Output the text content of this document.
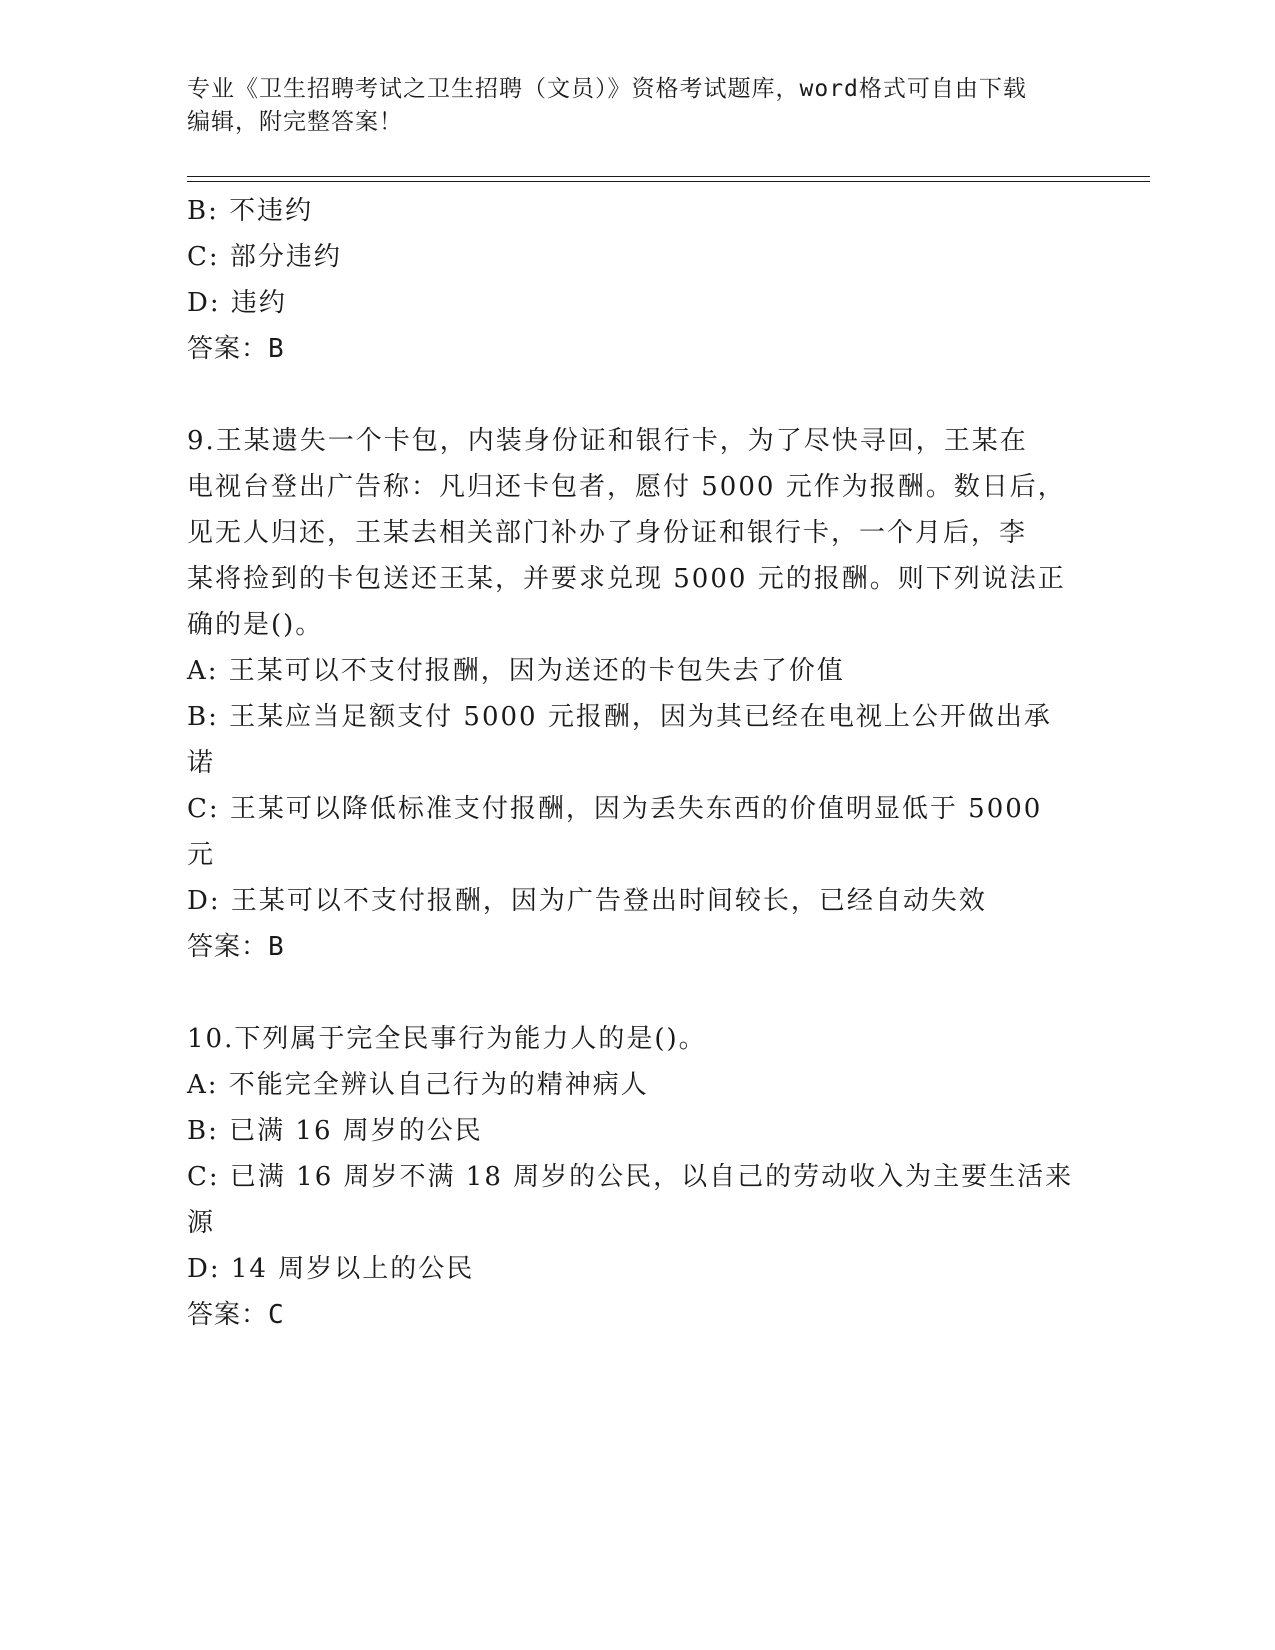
专业《卫生招聘考试之卫生招聘（文员）》资格考试题库，word格式可自由下载
编辑，附完整答案！
B: 不违约
C: 部分违约
D: 违约
答案：B
9.王某遗失一个卡包，内装身份证和银行卡，为了尽快寻回，王某在
电视台登出广告称：凡归还卡包者，愿付 5000 元作为报酬。数日后，
见无人归还，王某去相关部门补办了身份证和银行卡，一个月后，李
某将捡到的卡包送还王某，并要求兑现 5000 元的报酬。则下列说法正
确的是()。
A: 王某可以不支付报酬，因为送还的卡包失去了价值
B: 王某应当足额支付 5000 元报酬，因为其已经在电视上公开做出承
诺
C: 王某可以降低标准支付报酬，因为丢失东西的价值明显低于 5000
元
D: 王某可以不支付报酬，因为广告登出时间较长，已经自动失效
答案：B
10.下列属于完全民事行为能力人的是()。
A: 不能完全辨认自己行为的精神病人
B: 已满 16 周岁的公民
C: 已满 16 周岁不满 18 周岁的公民，以自己的劳动收入为主要生活来
源
D: 14 周岁以上的公民
答案：C
